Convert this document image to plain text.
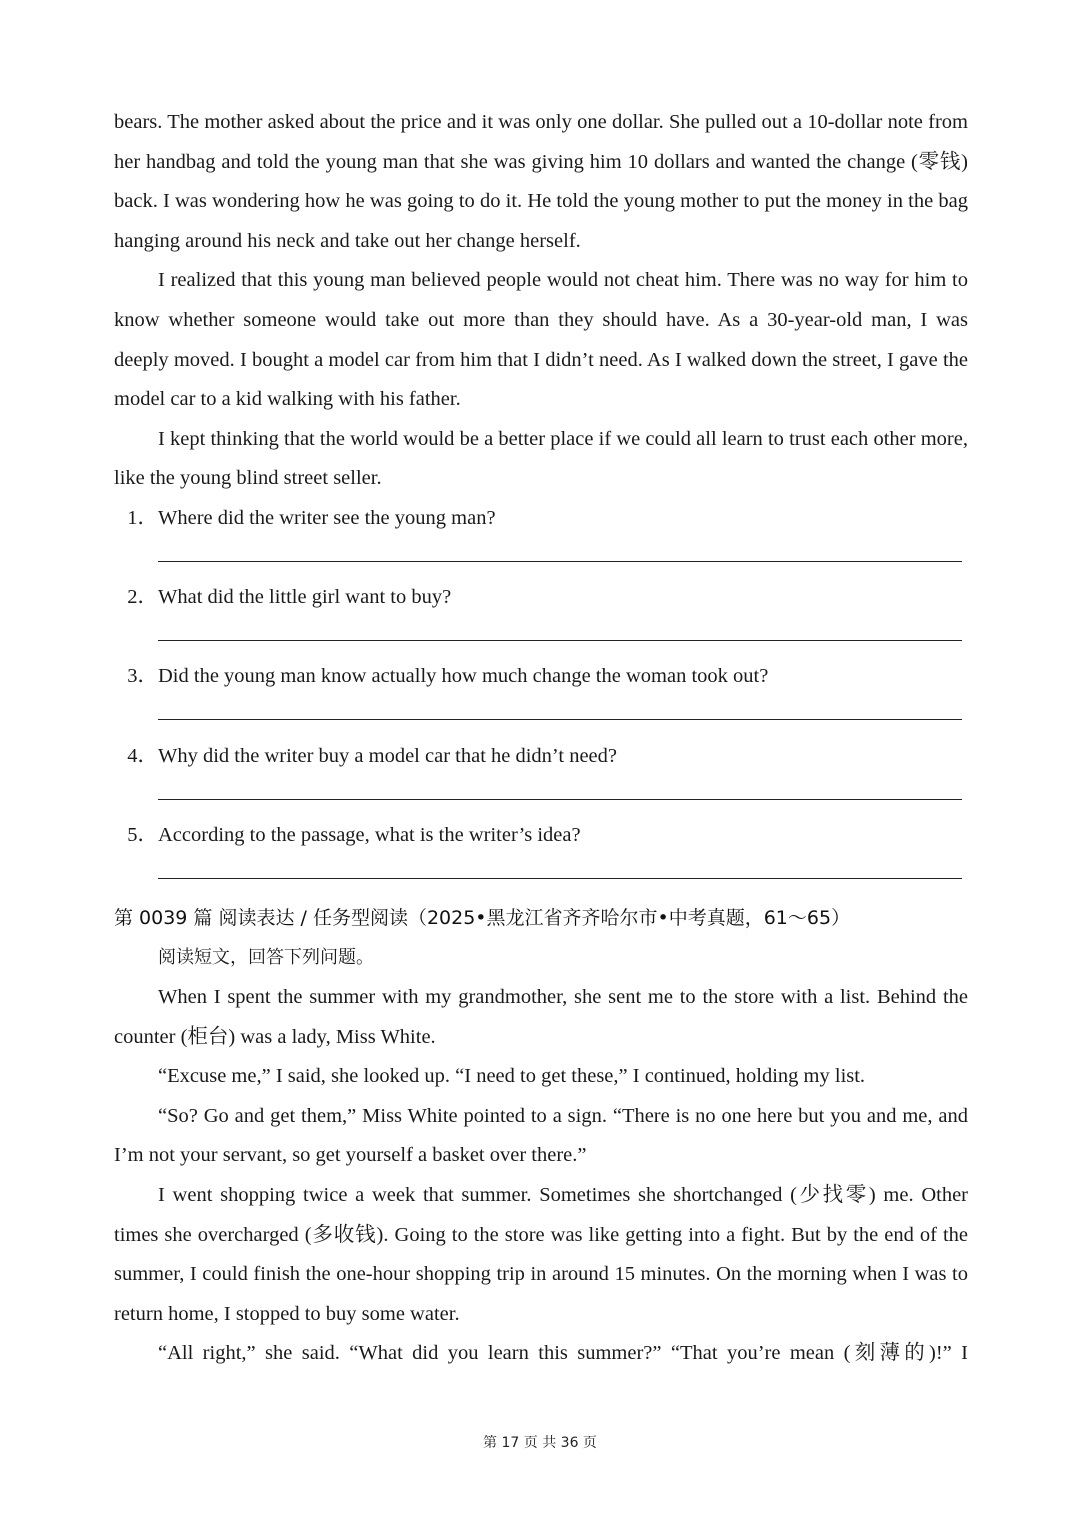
bears. The mother asked about the price and it was only one dollar. She pulled out a 10-dollar note from her handbag and told the young man that she was giving him 10 dollars and wanted the change (零钱) back. I was wondering how he was going to do it. He told the young mother to put the money in the bag hanging around his neck and take out her change herself.

I realized that this young man believed people would not cheat him. There was no way for him to know whether someone would take out more than they should have. As a 30-year-old man, I was deeply moved. I bought a model car from him that I didn’t need. As I walked down the street, I gave the model car to a kid walking with his father.

I kept thinking that the world would be a better place if we could all learn to trust each other more, like the young blind street seller.

1．Where did the writer see the young man?
2．What did the little girl want to buy?
3．Did the young man know actually how much change the woman took out?
4．Why did the writer buy a model car that he didn’t need?
5．According to the passage, what is the writer’s idea?

第 0039 篇 阅读表达 / 任务型阅读（2025•黑龙江省齐齐哈尔市•中考真题，61～65）

阅读短文，回答下列问题。

When I spent the summer with my grandmother, she sent me to the store with a list. Behind the counter (柜台) was a lady, Miss White.

“Excuse me,” I said, she looked up. “I need to get these,” I continued, holding my list.

“So? Go and get them,” Miss White pointed to a sign. “There is no one here but you and me, and I’m not your servant, so get yourself a basket over there.”

I went shopping twice a week that summer. Sometimes she shortchanged (少找零) me. Other times she overcharged (多收钱). Going to the store was like getting into a fight. But by the end of the summer, I could finish the one-hour shopping trip in around 15 minutes. On the morning when I was to return home, I stopped to buy some water.

“All right,” she said. “What did you learn this summer?” “That you’re mean (刻薄的)!” I

第 17 页 共 36 页
